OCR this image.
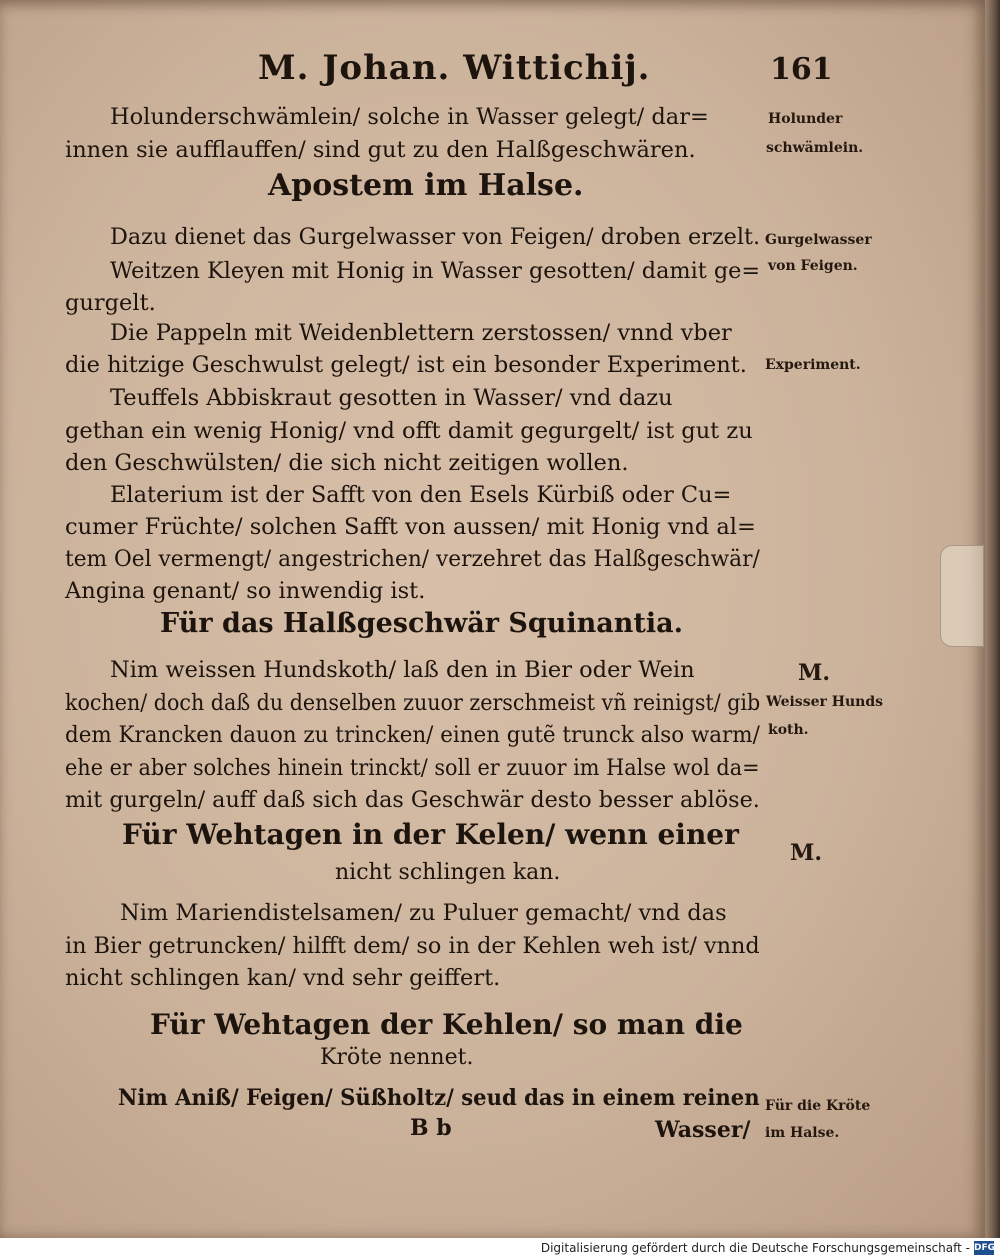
M. Johan. Wittichij.	161
Holunderschwämlein/ solche in Wasser gelegt/ dar=
innen sie aufflauffen/ sind gut zu den Halßgeschwären.
Apostem im Halse.
Dazu dienet das Gurgelwasser von Feigen/ droben erzelt.
Weitzen Kleyen mit Honig in Wasser gesotten/ damit ge=
gurgelt.
Die Pappeln mit Weidenblettern zerstossen/ vnnd vber
die hitzige Geschwulst gelegt/ ist ein besonder Experiment.
Teuffels Abbiskraut gesotten in Wasser/ vnd dazu
gethan ein wenig Honig/ vnd offt damit gegurgelt/ ist gut zu
den Geschwülsten/ die sich nicht zeitigen wollen.
Elaterium ist der Safft von den Esels Kürbiß oder Cu=
cumer Früchte/ solchen Safft von aussen/ mit Honig vnd al=
tem Oel vermengt/ angestrichen/ verzehret das Halßgeschwär/
Angina genant/ so inwendig ist.
Für das Halßgeschwär Squinantia.
Nim weissen Hundskoth/ laß den in Bier oder Wein
kochen/ doch daß du denselben zuuor zerschmeist vñ reinigst/ gib
dem Krancken dauon zu trincken/ einen gutẽ trunck also warm/
ehe er aber solches hinein trinckt/ soll er zuuor im Halse wol da=
mit gurgeln/ auff daß sich das Geschwär desto besser ablöse.
Für Wehtagen in der Kelen/ wenn einer
nicht schlingen kan.
Nim Mariendistelsamen/ zu Puluer gemacht/ vnd das
in Bier getruncken/ hilfft dem/ so in der Kehlen weh ist/ vnnd
nicht schlingen kan/ vnd sehr geiffert.
Für Wehtagen der Kehlen/ so man die
Kröte nennet.
Nim Aniß/ Feigen/ Süßholtz/ seud das in einem reinen
B b	Wasser/
Holunder
schwämlein.
Gurgelwasser
von Feigen.
Experiment.
M.
Weisser Hunds
koth.
M.
Für die Kröte
im Halse.
Digitalisierung gefördert durch die Deutsche Forschungsgemeinschaft - DFG
